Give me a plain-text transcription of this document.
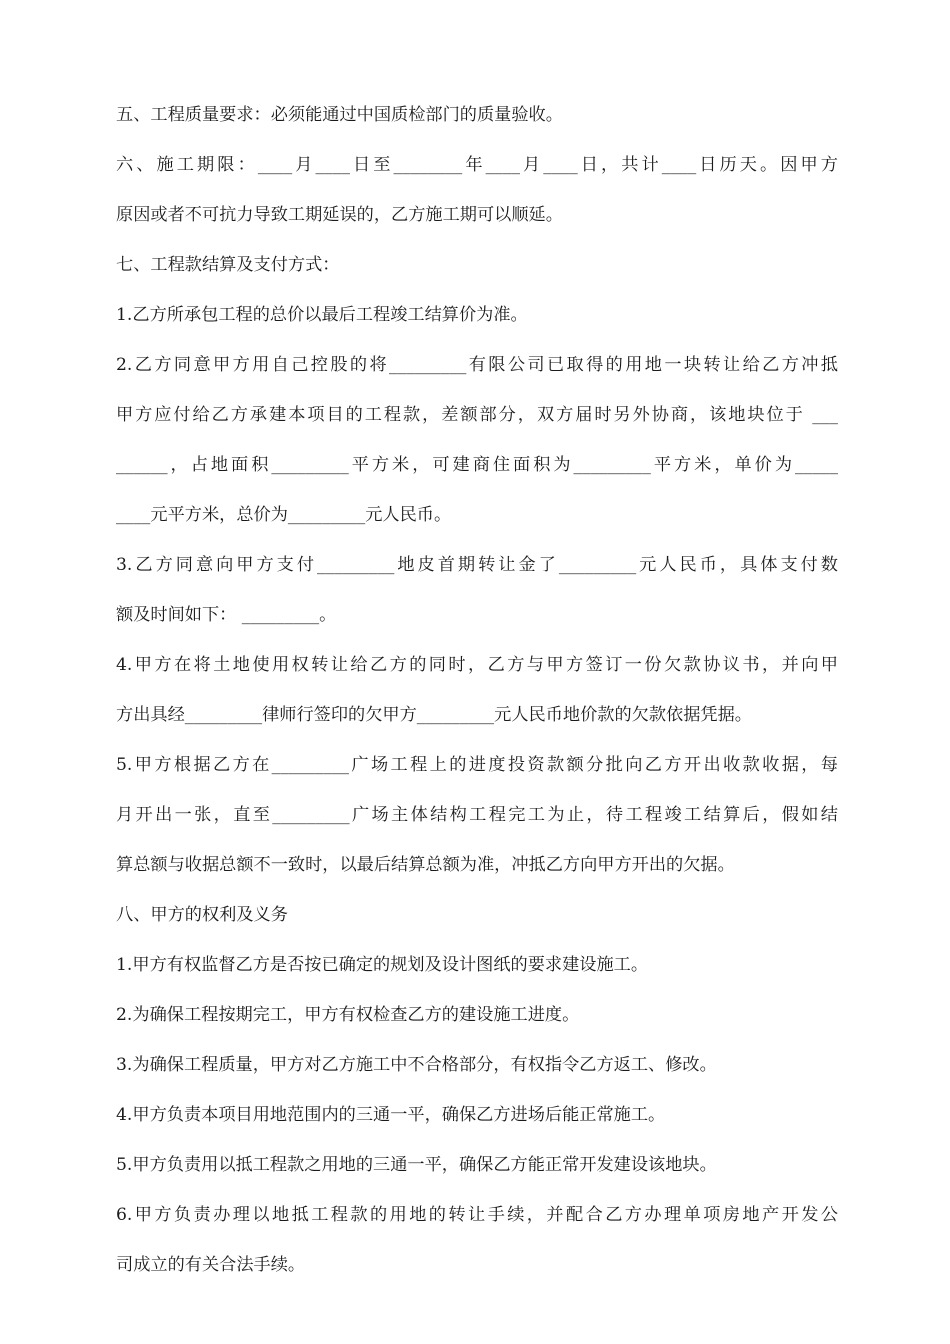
五、工程质量要求：必须能通过中国质检部门的质量验收。
六、施工期限：____月____日至________年____月____日，共计____日历天。因甲方
原因或者不可抗力导致工期延误的，乙方施工期可以顺延。
七、工程款结算及支付方式：
1.乙方所承包工程的总价以最后工程竣工结算价为准。
2.乙方同意甲方用自己控股的将_________有限公司已取得的用地一块转让给乙方冲抵
甲方应付给乙方承建本项目的工程款，差额部分，双方届时另外协商，该地块位于 ___
______，占地面积_________平方米，可建商住面积为_________平方米，单价为_____
____元平方米，总价为_________元人民币。
3.乙方同意向甲方支付_________地皮首期转让金了_________元人民币，具体支付数
额及时间如下： _________。
4.甲方在将土地使用权转让给乙方的同时，乙方与甲方签订一份欠款协议书，并向甲
方出具经_________律师行签印的欠甲方_________元人民币地价款的欠款依据凭据。
5.甲方根据乙方在_________广场工程上的进度投资款额分批向乙方开出收款收据，每
月开出一张，直至_________广场主体结构工程完工为止，待工程竣工结算后，假如结
算总额与收据总额不一致时，以最后结算总额为准，冲抵乙方向甲方开出的欠据。
八、甲方的权利及义务
1.甲方有权监督乙方是否按已确定的规划及设计图纸的要求建设施工。
2.为确保工程按期完工，甲方有权检查乙方的建设施工进度。
3.为确保工程质量，甲方对乙方施工中不合格部分，有权指令乙方返工、修改。
4.甲方负责本项目用地范围内的三通一平，确保乙方进场后能正常施工。
5.甲方负责用以抵工程款之用地的三通一平，确保乙方能正常开发建设该地块。
6.甲方负责办理以地抵工程款的用地的转让手续，并配合乙方办理单项房地产开发公
司成立的有关合法手续。
